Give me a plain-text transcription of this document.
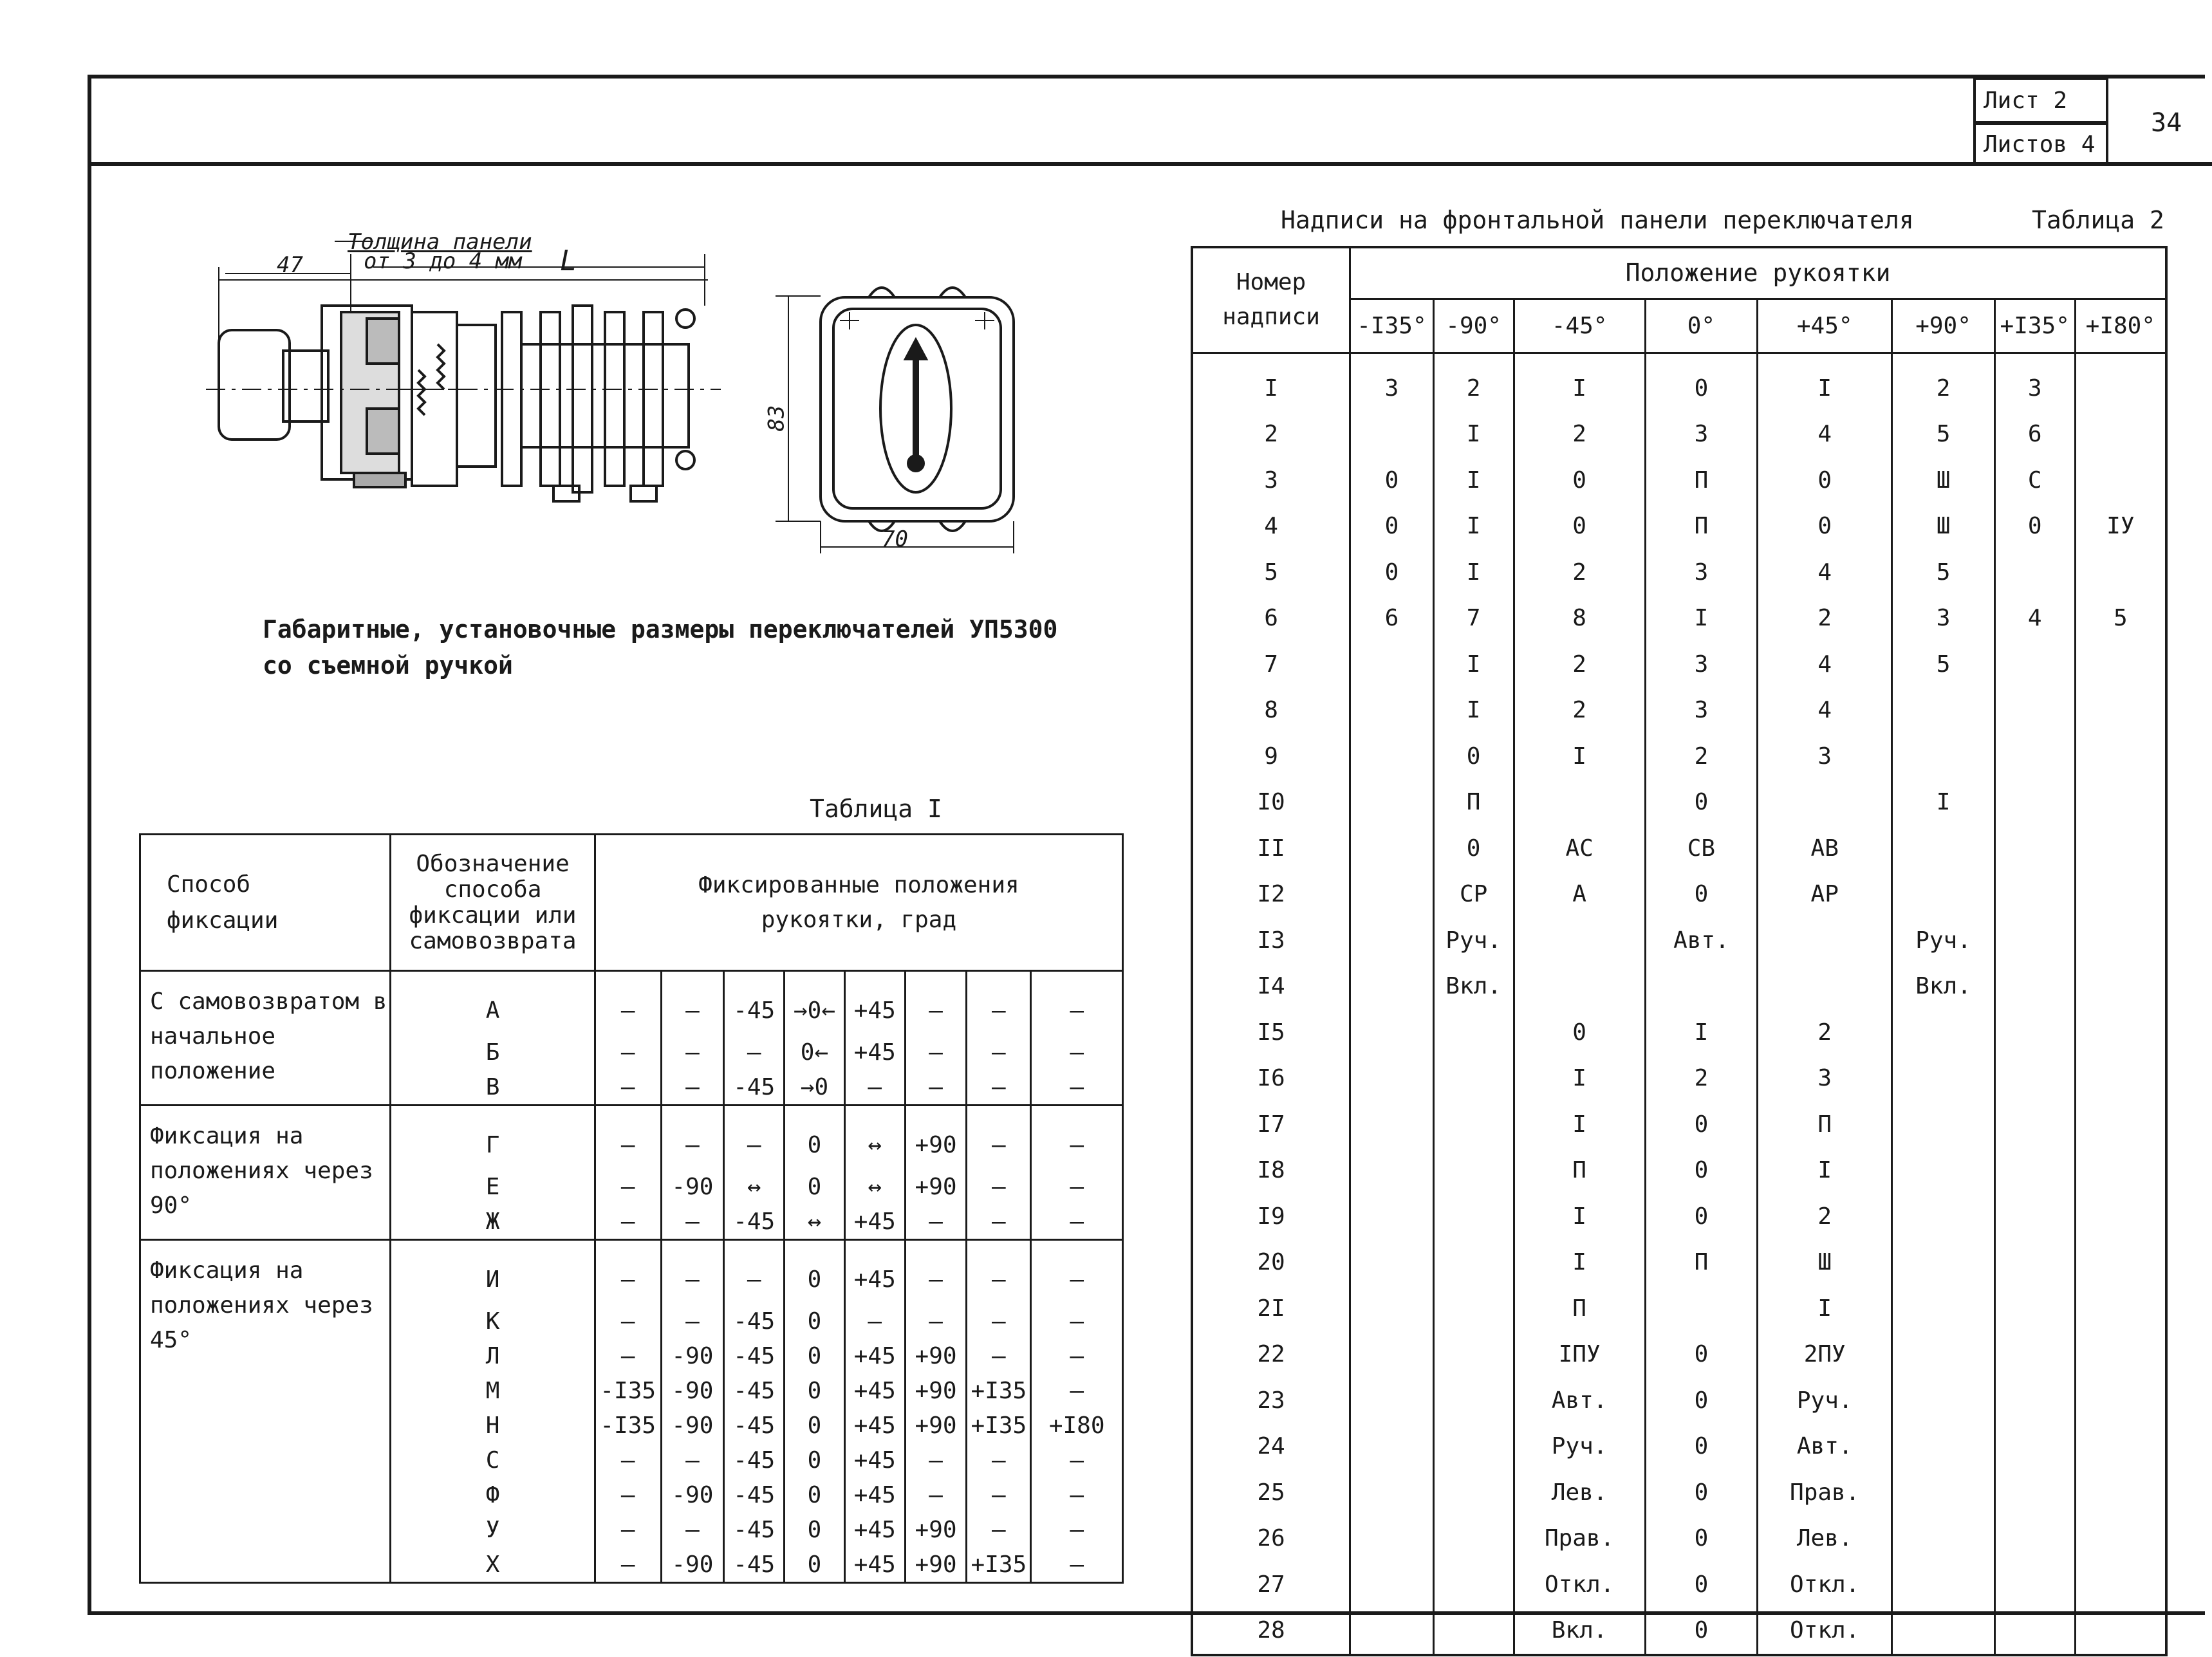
Лист
2
Листов
4
34
Толщина панели
от 3 до 4 мм
47	L
83
70
Габаритные, установочные размеры переключателей УП5300
со съемной ручкой
Таблица I
Способ фиксации	Обозначение способа фиксации или самовозврата	Фиксированные положения рукоятки, град							

С самовозвратом в начальное положение	А	—	—	-45	→0←	+45	—	—	—
	Б	—	—	—	0←	+45	—	—	—
	В	—	—	-45	→0	—	—	—	—
Фиксация на положениях через 90°	Г	—	—	—	0	↔	+90	—	—
	Е	—	-90	↔	0	↔	+90	—	—
	Ж	—	—	-45	↔	+45	—	—	—
Фиксация на положениях через 45°	И	—	—	—	0	+45	—	—	—
	К	—	—	-45	0	—	—	—	—
	Л	—	-90	-45	0	+45	+90	—	—
	М	-I35	-90	-45	0	+45	+90	+I35	—
	Н	-I35	-90	-45	0	+45	+90	+I35	+I80
	С	—	—	-45	0	+45	—	—	—
	Ф	—	-90	-45	0	+45	—	—	—
	У	—	—	-45	0	+45	+90	—	—
	Х	—	-90	-45	0	+45	+90	+I35	—
Надписи на фронтальной панели переключателя	Таблица 2
Номер надписи	Положение рукоятки							
	-I35°	-90°	-45°	0°	+45°	+90°	+I35°	+I80°
I	3	2	I	0	I	2	3	
2		I	2	3	4	5	6	
3	0	I	0	П	0	Ш	С	
4	0	I	0	П	0	Ш	0	IУ
5	0	I	2	3	4	5		
6	6	7	8	I	2	3	4	5
7		I	2	3	4	5		
8		I	2	3	4			
9		0	I	2	3			
I0		П		0		I		
II		0	АС	СВ	АВ			
I2		СР	А	0	АР			
I3		Руч.		Авт.		Руч.		
I4		Вкл.				Вкл.		
I5			0	I	2			
I6			I	2	3			
I7			I	0	П			
I8			П	0	I			
I9			I	0	2			
20			I	П	Ш			
2I			П		I			
22			IПУ	0	2ПУ			
23			Авт.	0	Руч.			
24			Руч.	0	Авт.			
25			Лев.	0	Прав.			
26			Прав.	0	Лев.			
27			Откл.	0	Откл.			
28			Вкл.	0	Откл.			
